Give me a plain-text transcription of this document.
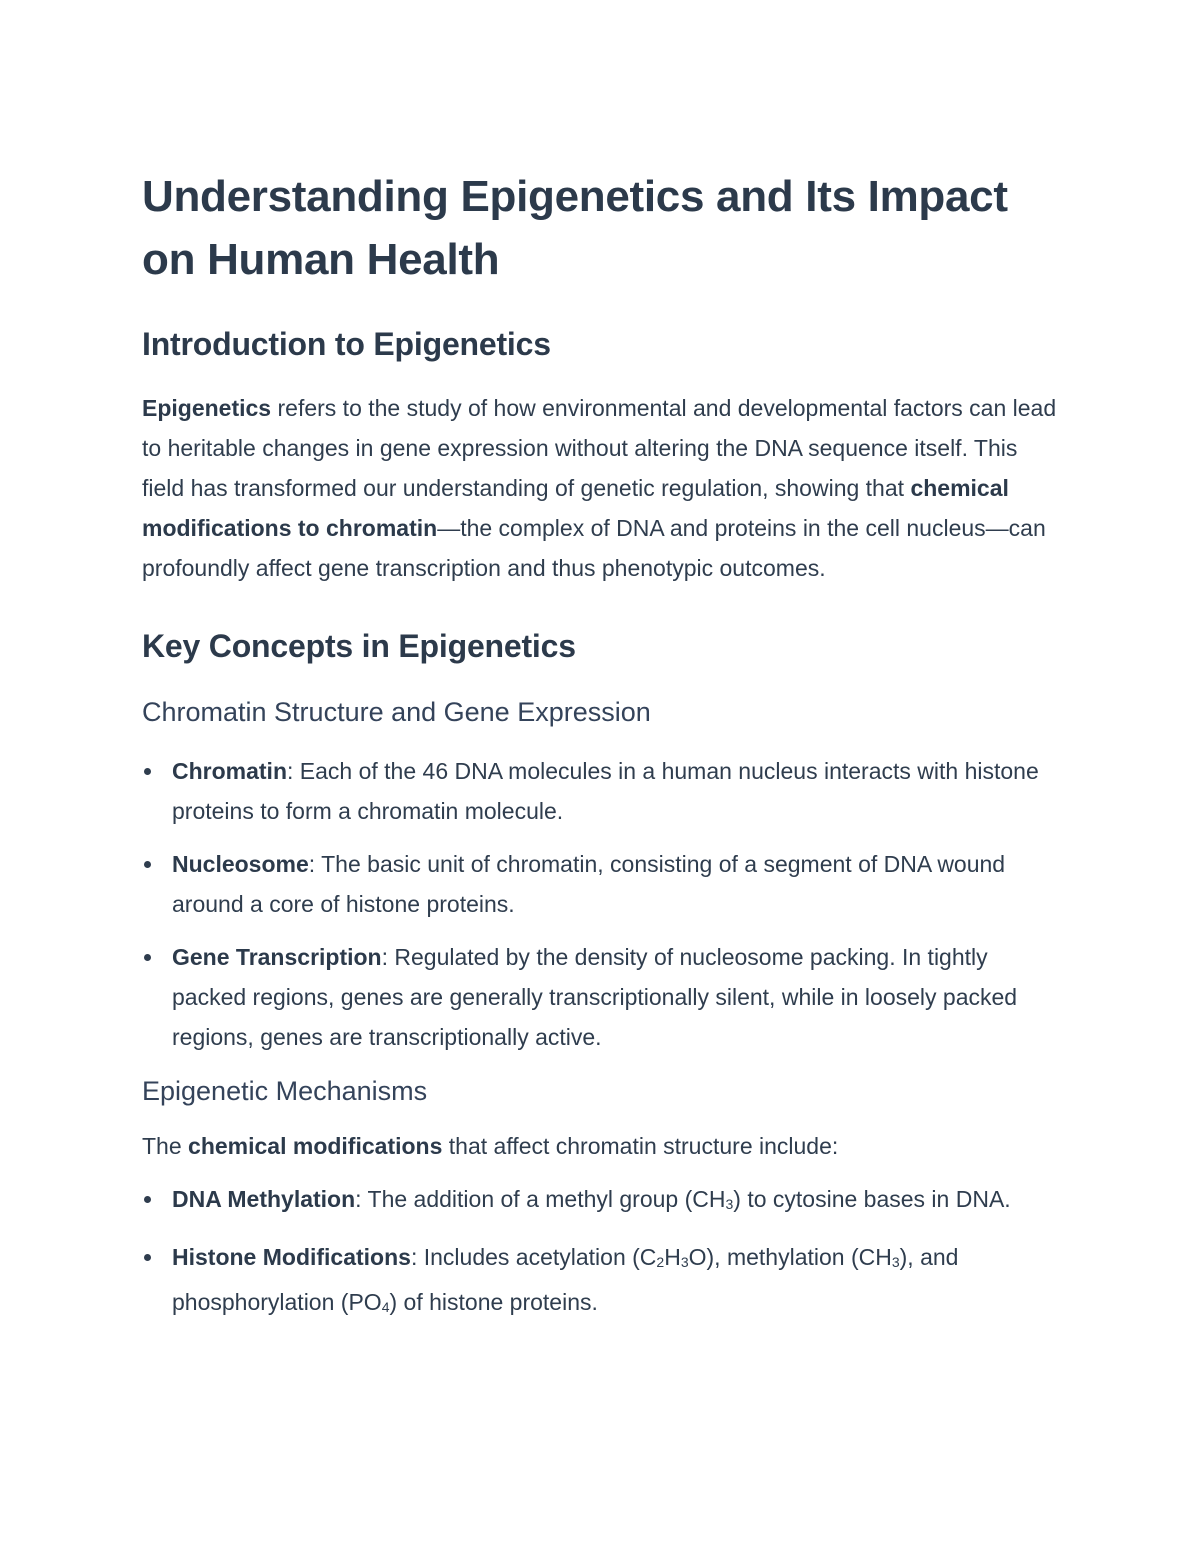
Understanding Epigenetics and Its Impact on Human Health
Introduction to Epigenetics

Epigenetics refers to the study of how environmental and developmental factors can lead to heritable changes in gene expression without altering the DNA sequence itself. This field has transformed our understanding of genetic regulation, showing that chemical modifications to chromatin—the complex of DNA and proteins in the cell nucleus—can profoundly affect gene transcription and thus phenotypic outcomes.

Key Concepts in Epigenetics
Chromatin Structure and Gene Expression
Chromatin: Each of the 46 DNA molecules in a human nucleus interacts with histone proteins to form a chromatin molecule.
Nucleosome: The basic unit of chromatin, consisting of a segment of DNA wound around a core of histone proteins.
Gene Transcription: Regulated by the density of nucleosome packing. In tightly packed regions, genes are generally transcriptionally silent, while in loosely packed regions, genes are transcriptionally active.
Epigenetic Mechanisms

The chemical modifications that affect chromatin structure include:

DNA Methylation: The addition of a methyl group $(CH_3)$ to cytosine bases in DNA.
Histone Modifications: Includes acetylation $(C_2H_3O)$, methylation $(CH_3)$, and phosphorylation $(PO_4)$ of histone proteins.
